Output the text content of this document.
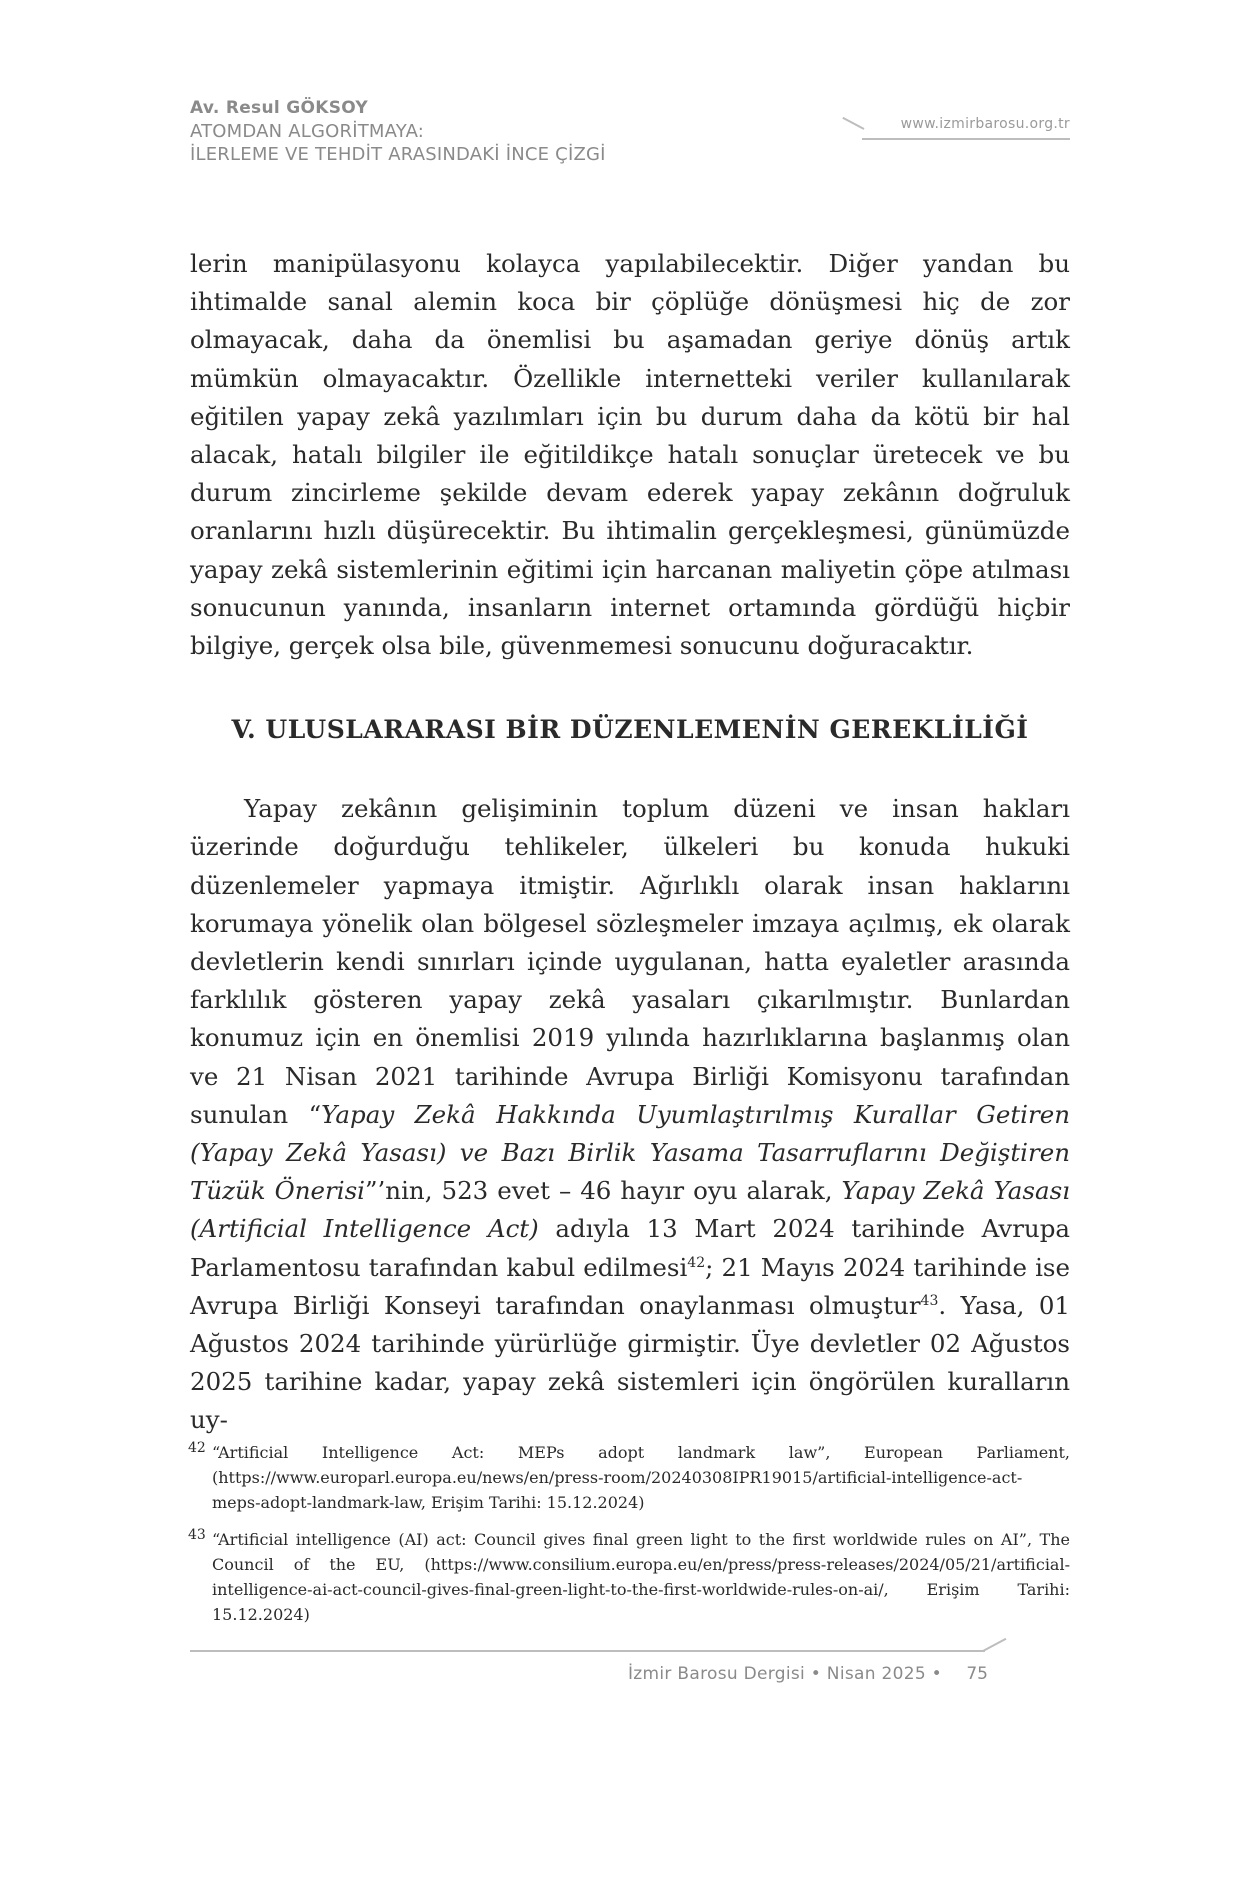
Av. Resul GÖKSOY

ATOMDAN ALGORİTMAYA:
İLERLEME VE TEHDİT ARASINDAKİ İNCE ÇİZGİ
www.izmirbarosu.org.tr

lerin manipülasyonu kolayca yapılabilecektir. Diğer yandan bu ihtimalde sanal alemin koca bir çöplüğe dönüşmesi hiç de zor olmayacak, daha da önemlisi bu aşamadan geriye dönüş artık mümkün olmayacaktır. Özellikle internetteki veriler kullanılarak eğitilen yapay zekâ yazılımları için bu durum daha da kötü bir hal alacak, hatalı bilgiler ile eğitildikçe hatalı sonuçlar üretecek ve bu durum zincirleme şekilde devam ederek yapay zekânın doğruluk oranlarını hızlı düşürecektir. Bu ihtimalin gerçekleşmesi, günümüzde yapay zekâ sistemlerinin eğitimi için harcanan maliyetin çöpe atılması sonucunun yanında, insanların internet ortamında gördüğü hiçbir bilgiye, gerçek olsa bile, güvenmemesi sonucunu doğuracaktır.

V. ULUSLARARASI BİR DÜZENLEMENİN GEREKLİLİĞİ

Yapay zekânın gelişiminin toplum düzeni ve insan hakları üzerinde doğurduğu tehlikeler, ülkeleri bu konuda hukuki düzenlemeler yapmaya itmiştir. Ağırlıklı olarak insan haklarını korumaya yönelik olan bölgesel sözleşmeler imzaya açılmış, ek olarak devletlerin kendi sınırları içinde uygulanan, hatta eyaletler arasında farklılık gösteren yapay zekâ yasaları çıkarılmıştır. Bunlardan konumuz için en önemlisi 2019 yılında hazırlıklarına başlanmış olan ve 21 Nisan 2021 tarihinde Avrupa Birliği Komisyonu tarafından sunulan “Yapay Zekâ Hakkında Uyumlaştırılmış Kurallar Getiren (Yapay Zekâ Yasası) ve Bazı Birlik Yasama Tasarruflarını Değiştiren Tüzük Önerisi”’nin, 523 evet – 46 hayır oyu alarak, Yapay Zekâ Yasası (Artificial Intelligence Act) adıyla 13 Mart 2024 tarihinde Avrupa Parlamentosu tarafından kabul edilmesi$^{42}$; 21 Mayıs 2024 tarihinde ise Avrupa Birliği Konseyi tarafından onaylanması olmuştur$^{43}$. Yasa, 01 Ağustos 2024 tarihinde yürürlüğe girmiştir. Üye devletler 02 Ağustos 2025 tarihine kadar, yapay zekâ sistemleri için öngörülen kuralların uy-

42 “Artificial Intelligence Act: MEPs adopt landmark law”, European Parliament, (https://www.europarl.europa.eu/news/en/press-room/20240308IPR19015/artificial-intelligence-act-meps-adopt-landmark-law, Erişim Tarihi: 15.12.2024)
43 “Artificial intelligence (AI) act: Council gives final green light to the first worldwide rules on AI”, The Council of the EU, (https://www.consilium.europa.eu/en/press/press-releases/2024/05/21/artificial-intelligence-ai-act-council-gives-final-green-light-to-the-first-worldwide-rules-on-ai/, Erişim Tarihi: 15.12.2024)
İzmir Barosu Dergisi • Nisan 2025 • 75
